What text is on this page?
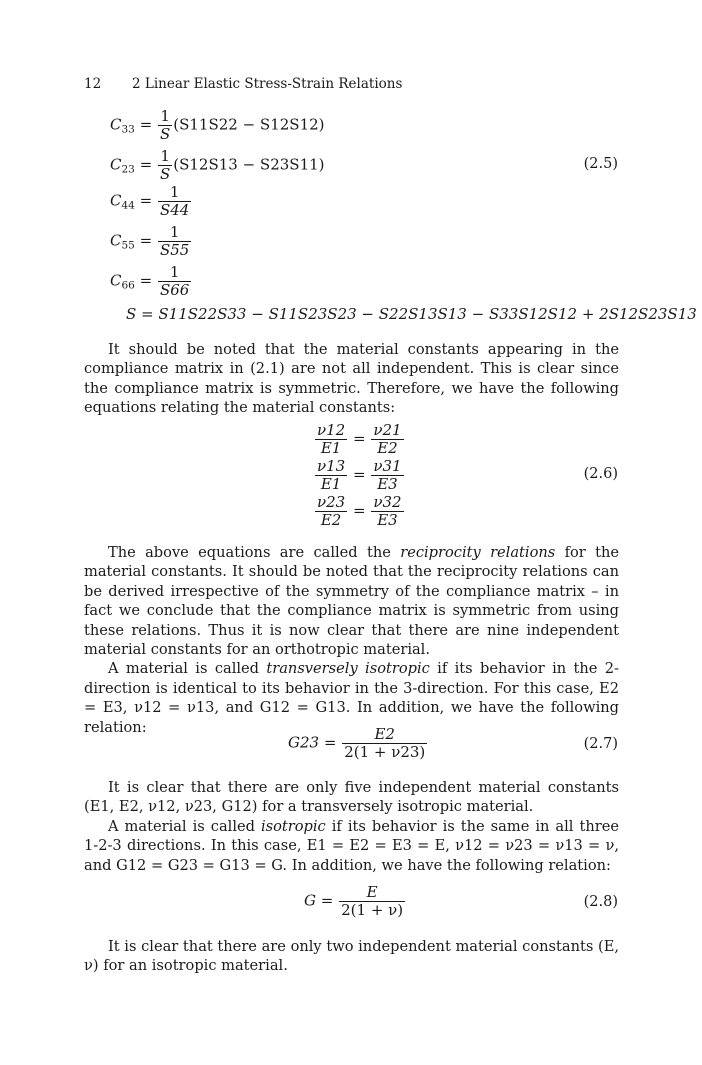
12 2 Linear Elastic Stress-Strain Relations
$C_{33} = \frac{1}{S} (S11S22 - S12S12)$
$C_{23} = \frac{1}{S} (S12S13 - S23S11)$	(2.5)
$C_{44} = \frac{1}{S44}$
$C_{55} = \frac{1}{S55}$
$C_{66} = \frac{1}{S66}$
S = S11S22S33 − S11S23S23 − S22S13S13 − S33S12S12 + 2S12S23S13

It should be noted that the material constants appearing in the compliance matrix in (2.1) are not all independent. This is clear since the compliance matrix is symmetric. Therefore, we have the following equations relating the material constants:

$\frac{\nu 12}{E1} = \frac{\nu 21}{E2}$
$\frac{\nu 13}{E1} = \frac{\nu 31}{E3}$	(2.6)
$\frac{\nu 23}{E2} = \frac{\nu 32}{E3}$

The above equations are called the reciprocity relations for the material constants. It should be noted that the reciprocity relations can be derived irrespective of the symmetry of the compliance matrix – in fact we conclude that the compliance matrix is symmetric from using these relations. Thus it is now clear that there are nine independent material constants for an orthotropic material.

A material is called transversely isotropic if its behavior in the 2-direction is identical to its behavior in the 3-direction. For this case, E2 = E3, ν12 = ν13, and G12 = G13. In addition, we have the following relation:

$G23 = \frac{E2}{2(1 + \nu 23)}$	(2.7)

It is clear that there are only five independent material constants (E1, E2, ν12, ν23, G12) for a transversely isotropic material.

A material is called isotropic if its behavior is the same in all three 1-2-3 directions. In this case, E1 = E2 = E3 = E, ν12 = ν23 = ν13 = ν, and G12 = G23 = G13 = G. In addition, we have the following relation:

$G = \frac{E}{2(1 + \nu)}$	(2.8)

It is clear that there are only two independent material constants (E, ν) for an isotropic material.
